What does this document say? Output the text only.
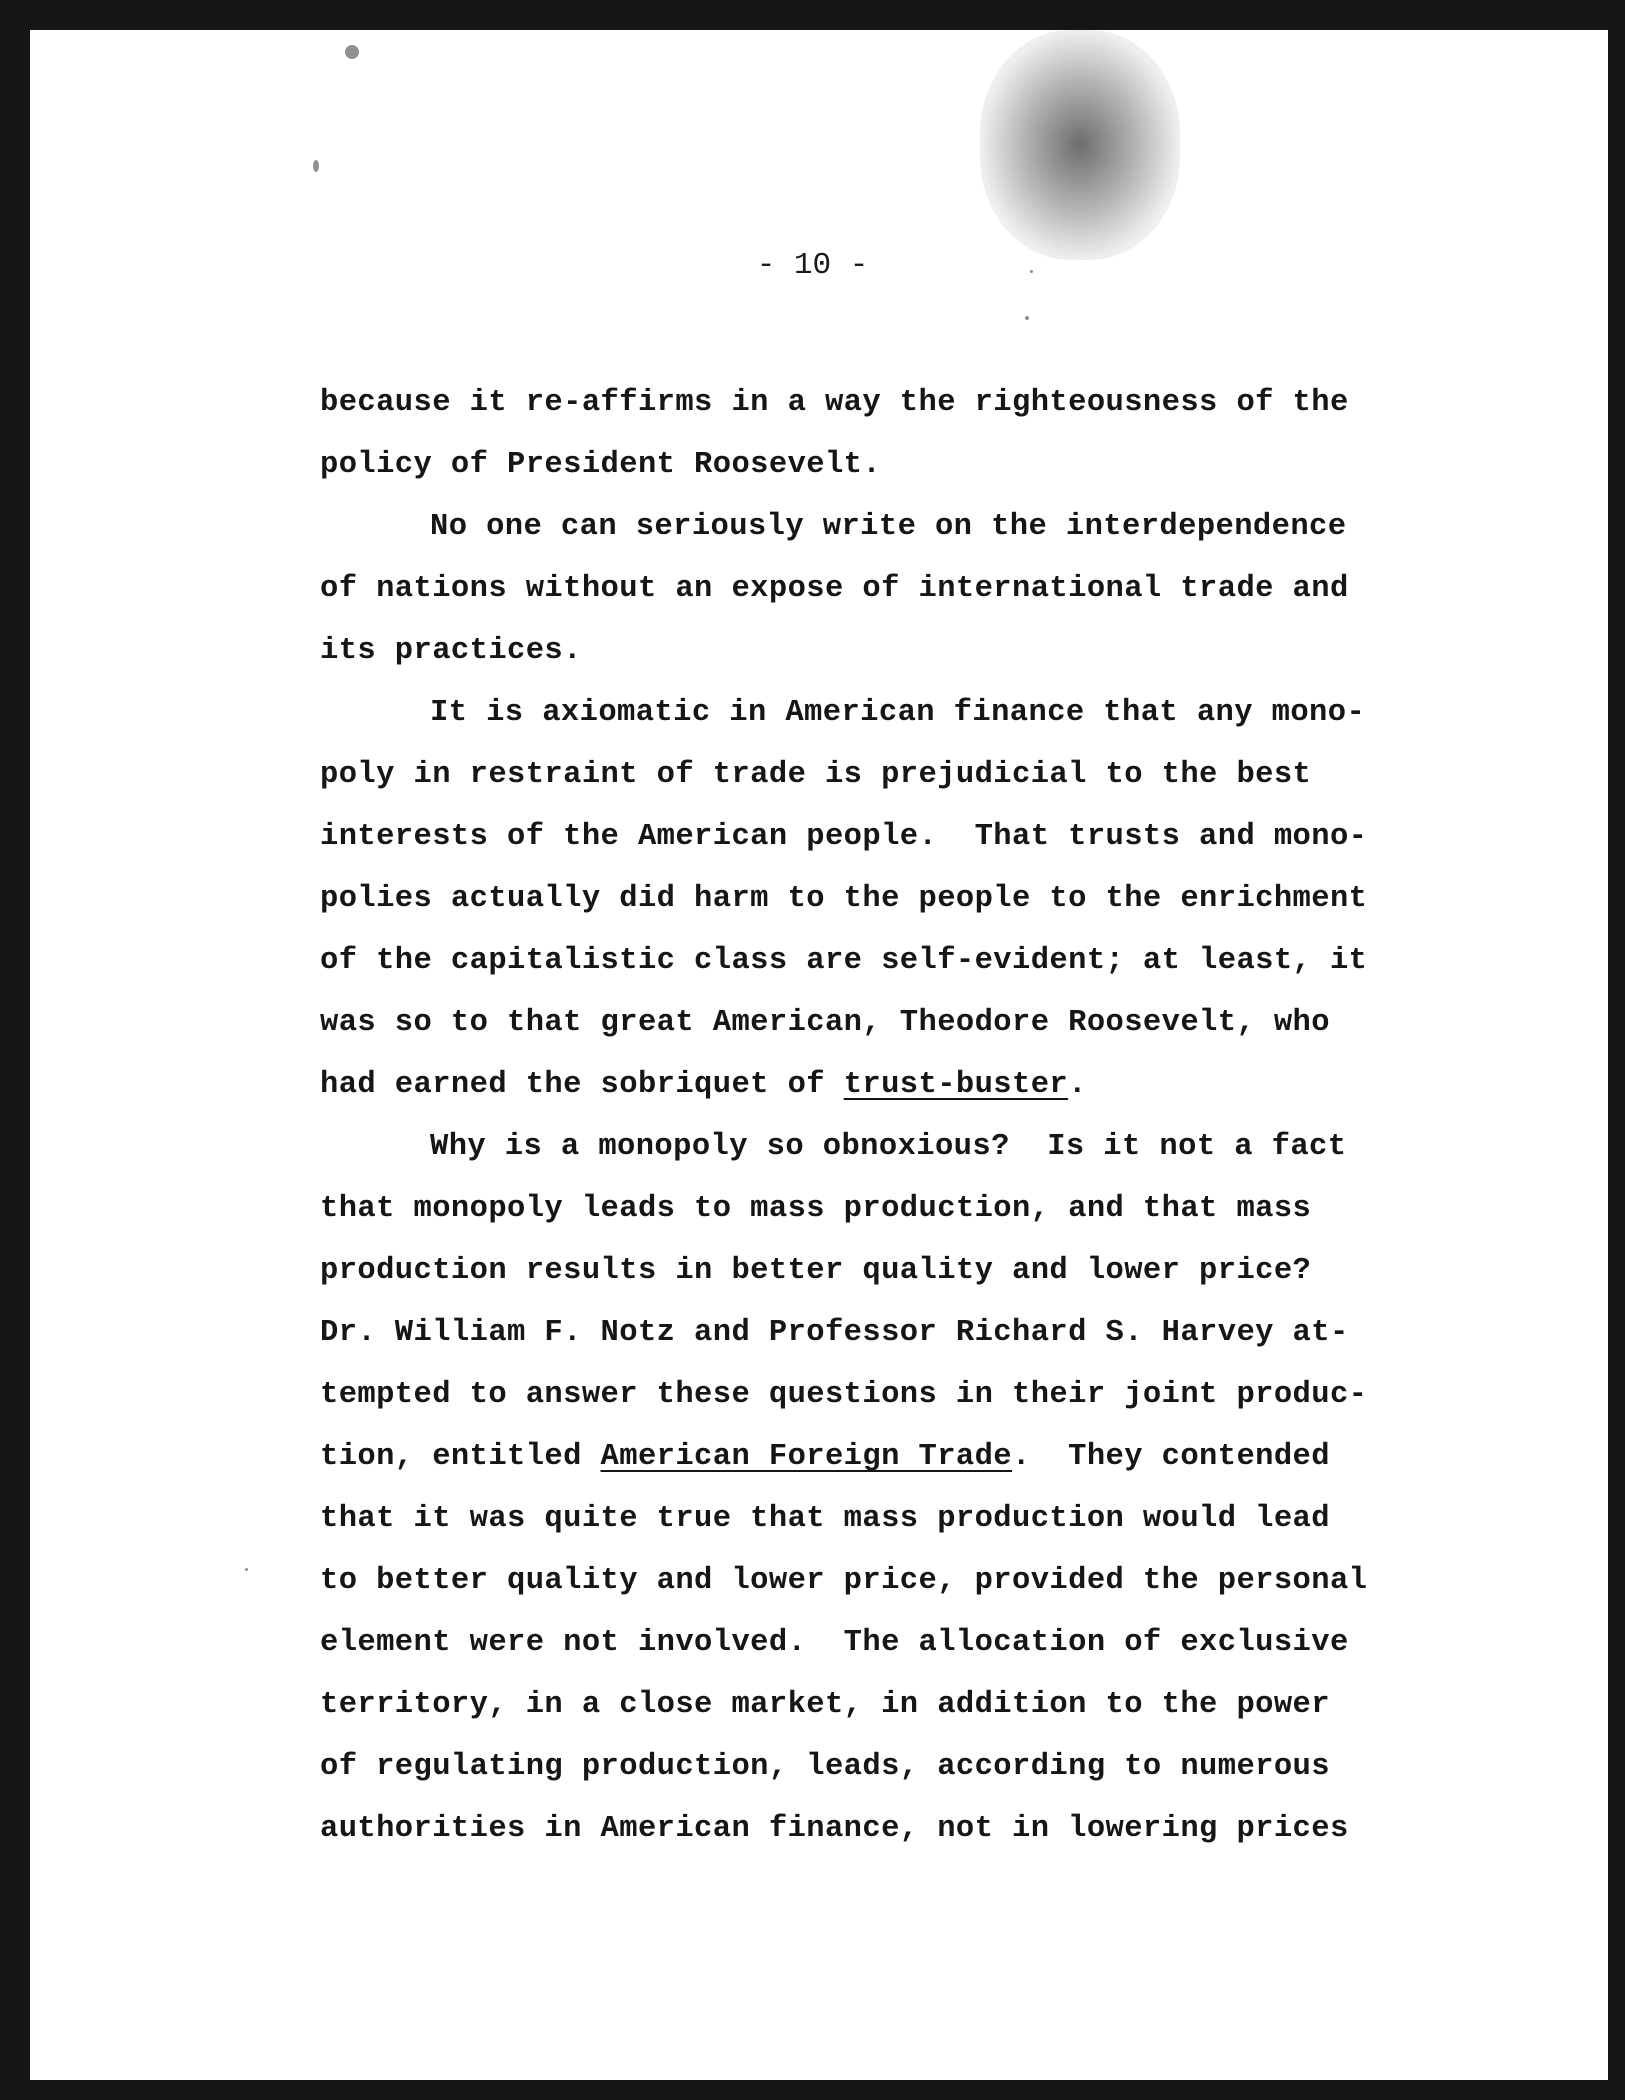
- 10 -
because it re-affirms in a way the righteousness of the
policy of President Roosevelt.
No one can seriously write on the interdependence
of nations without an expose of international trade and
its practices.
It is axiomatic in American finance that any mono-
poly in restraint of trade is prejudicial to the best
interests of the American people.  That trusts and mono-
polies actually did harm to the people to the enrichment
of the capitalistic class are self-evident; at least, it
was so to that great American, Theodore Roosevelt, who
had earned the sobriquet of trust-buster.
Why is a monopoly so obnoxious?  Is it not a fact
that monopoly leads to mass production, and that mass
production results in better quality and lower price?
Dr. William F. Notz and Professor Richard S. Harvey at-
tempted to answer these questions in their joint produc-
tion, entitled American Foreign Trade.  They contended
that it was quite true that mass production would lead
to better quality and lower price, provided the personal
element were not involved.  The allocation of exclusive
territory, in a close market, in addition to the power
of regulating production, leads, according to numerous
authorities in American finance, not in lowering prices
